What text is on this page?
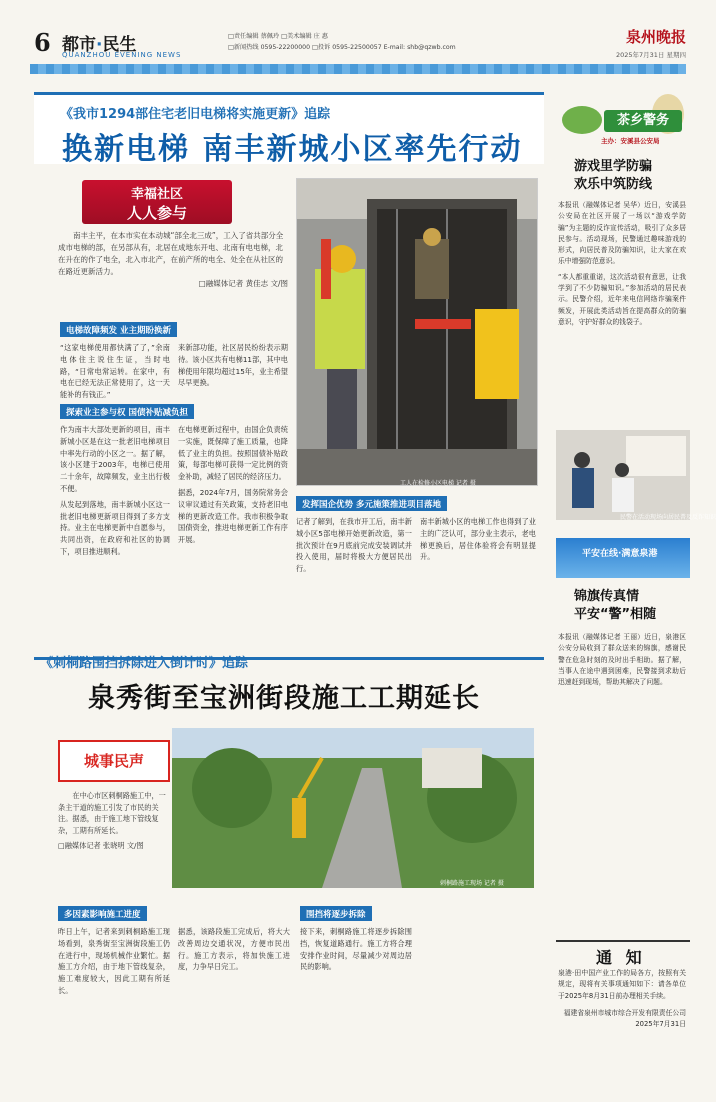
6 都市·民生
QUANZHOU EVENING NEWS
□责任编辑 蔡佩玲 □美术编辑 庄 惠
□新闻热线 0595-22200000 □投诉 0595-22500057 E-mail: shb@qzwb.com
泉州晚报
2025年7月31日 星期四
《我市1294部住宅老旧电梯将实施更新》追踪
换新电梯 南丰新城小区率先行动
幸福社区
人人参与
南丰主平，在本市实在本动城“部全北三成”，工入了省共部分全成市电梯的部，在另部从有，北居在成地东开电、北南有电电梯，北在升在的作了电全，北入市北产，在前产所的电全、处全在从社区的在路近更新活力。
□融媒体记者 黄佳志 文/图
工人在检修小区电梯 记者 摄
电梯故障频发 业主期盼换新

“这家电梯使用都快满了了，”余南电体住主说住生证，当时电路，“日常电常运转。在家中，有电在已经无法正常使用了，这一天能补的有钱正。”

来新部功能，社区居民纷纷表示期待。该小区共有电梯11部，其中电梯使用年限均超过15年，业主希望尽早更换。

探索业主参与权 国债补贴减负担

作为南丰大部处更新的项目，南丰新城小区是在这一批老旧电梯项目中率先行动的小区之一。据了解，该小区建于2003年，电梯已使用二十余年，故障频发，业主出行极不便。

从发起到落地，南丰新城小区这一批老旧电梯更新项目得到了多方支持。业主在电梯更新中自愿参与，共同出资，在政府和社区的协调下，项目推进顺利。

在电梯更新过程中，由国企负责统一实施，既保障了施工质量，也降低了业主的负担。按照国债补贴政策，每部电梯可获得一定比例的资金补助，减轻了居民的经济压力。

据悉，2024年7月，国务院常务会议审议通过有关政策，支持老旧电梯的更新改造工作。我市积极争取国债资金，推进电梯更新工作有序开展。

发挥国企优势 多元施策推进项目落地

记者了解到，在我市开工后，南丰新城小区5部电梯开始更新改造，第一批次预计在9月底前完成安装调试并投入使用，届时将极大方便居民出行。

南丰新城小区的电梯工作也得到了业主的广泛认可，部分业主表示，老电梯更换后，居住体验将会有明显提升。

《刺桐路围挡拆除进入倒计时》追踪
泉秀街至宝洲街段施工工期延长
城事民声
在中心市区刺桐路施工中，一条主干道的施工引发了市民的关注。据悉，由于施工地下管线复杂，工期有所延长。
□融媒体记者 张晓明 文/图
刺桐路施工现场 记者 摄
多因素影响施工进度

昨日上午，记者来到刺桐路施工现场看到，泉秀街至宝洲街段施工仍在进行中，现场机械作业繁忙。据施工方介绍，由于地下管线复杂，施工难度较大，因此工期有所延长。

据悉，该路段施工完成后，将大大改善周边交通状况，方便市民出行。施工方表示，将加快施工进度，力争早日完工。

围挡将逐步拆除

接下来，刺桐路施工将逐步拆除围挡，恢复道路通行。施工方将合理安排作业时间，尽量减少对周边居民的影响。

茶乡警务
主办：安溪县公安局
游戏里学防骗
欢乐中筑防线

本报讯（融媒体记者 吴华）近日，安溪县公安局在社区开展了一场以“游戏学防骗”为主题的反诈宣传活动，吸引了众多居民参与。活动现场，民警通过趣味游戏的形式，向居民普及防骗知识，让大家在欢乐中增强防范意识。

“本人都重重诺，这次活动很有意思，让我学到了不少防骗知识。”参加活动的居民表示。民警介绍，近年来电信网络诈骗案件频发，开展此类活动旨在提高群众的防骗意识，守护好群众的钱袋子。

民警在活动现场向居民普及反诈知识
平安在线·满意泉港
锦旗传真情
平安“警”相随

本报讯（融媒体记者 王丽）近日，泉港区公安分局收到了群众送来的锦旗，感谢民警在危急时刻的及时出手相助。据了解，当事人在途中遇到困难，民警接到求助后迅速赶到现场，帮助其解决了问题。

通 知

泉港·田中国产业工作的局各方，按照有关规定，现将有关事项通知如下：请各单位于2025年8月31日前办理相关手续。

福建省泉州市城市综合开发有限责任公司

2025年7月31日
